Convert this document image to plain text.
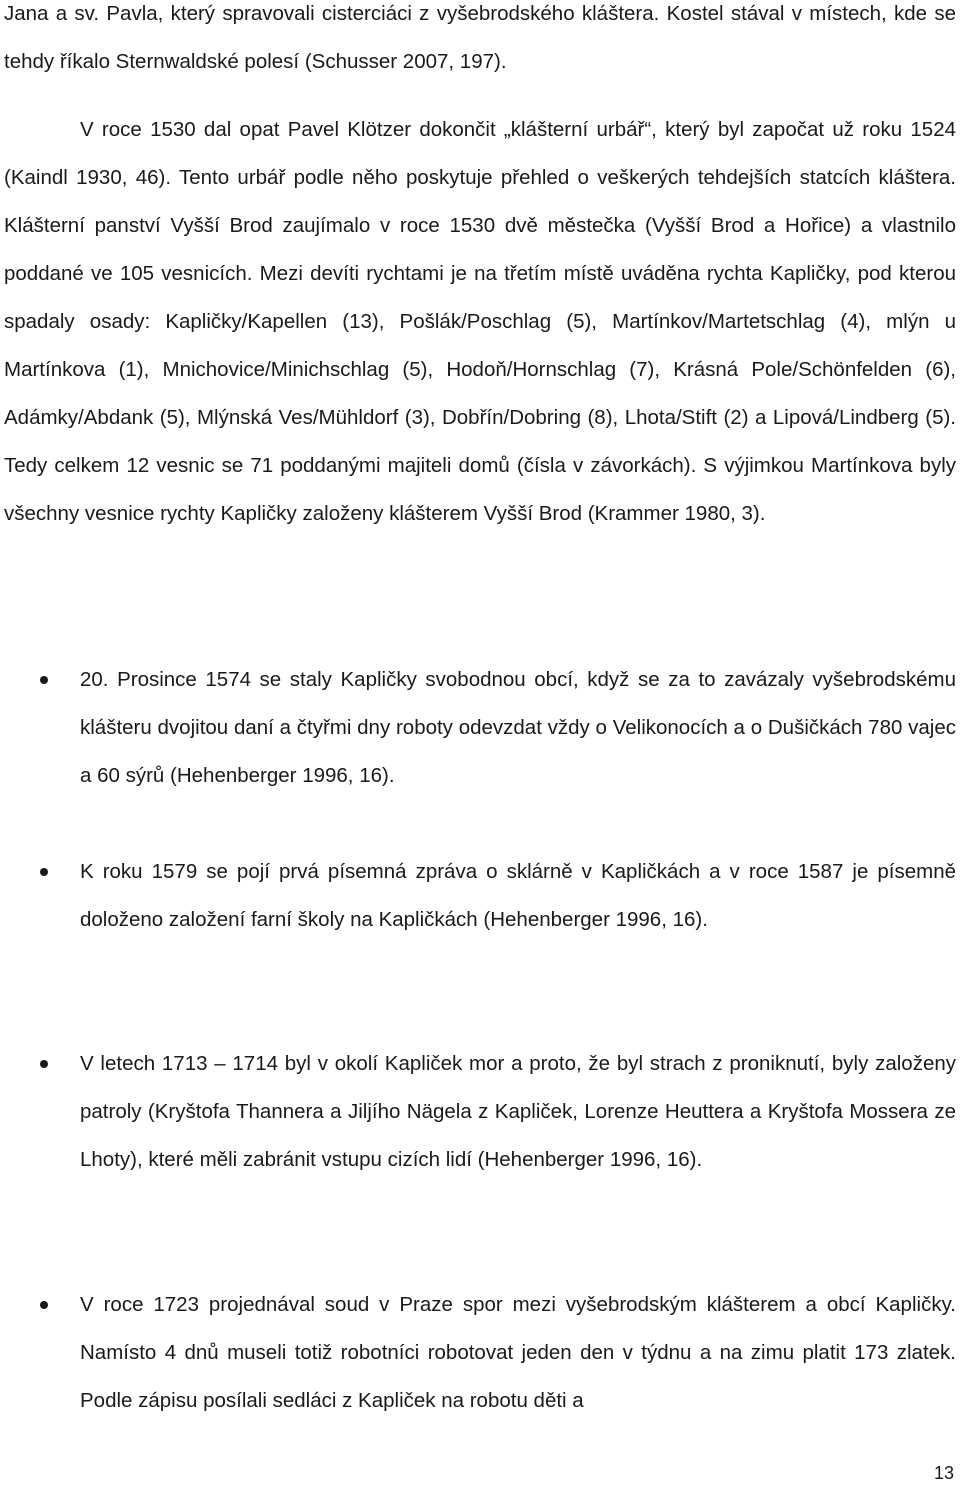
Jana a sv. Pavla, který spravovali cisterciáci z vyšebrodského kláštera. Kostel stával v místech, kde se tehdy říkalo Sternwaldské polesí (Schusser 2007, 197).

V roce 1530 dal opat Pavel Klötzer dokončit „klášterní urbář“, který byl započat už roku 1524 (Kaindl 1930, 46). Tento urbář podle něho poskytuje přehled o veškerých tehdejších statcích kláštera. Klášterní panství Vyšší Brod zaujímalo v roce 1530 dvě městečka (Vyšší Brod a Hořice) a vlastnilo poddané ve 105 vesnicích. Mezi devíti rychtami je na třetím místě uváděna rychta Kapličky, pod kterou spadaly osady: Kapličky/Kapellen (13), Pošlák/Poschlag (5), Martínkov/Martetschlag (4), mlýn u Martínkova (1), Mnichovice/Minichschlag (5), Hodoň/Hornschlag (7), Krásná Pole/Schönfelden (6), Adámky/Abdank (5), Mlýnská Ves/Mühldorf (3), Dobřín/Dobring (8), Lhota/Stift (2) a Lipová/Lindberg (5). Tedy celkem 12 vesnic se 71 poddanými majiteli domů (čísla v závorkách). S výjimkou Martínkova byly všechny vesnice rychty Kapličky založeny klášterem Vyšší Brod (Krammer 1980, 3).

20. Prosince 1574 se staly Kapličky svobodnou obcí, když se za to zavázaly vyšebrodskému klášteru dvojitou daní a čtyřmi dny roboty odevzdat vždy o Velikonocích a o Dušičkách 780 vajec a 60 sýrů (Hehenberger 1996, 16).

K roku 1579 se pojí prvá písemná zpráva o sklárně v Kapličkách a v roce 1587 je písemně doloženo založení farní školy na Kapličkách (Hehenberger 1996, 16).

V letech 1713 – 1714 byl v okolí Kapliček mor a proto, že byl strach z proniknutí, byly založeny patroly (Kryštofa Thannera a Jiljího Nägela z Kapliček, Lorenze Heuttera a Kryštofa Mossera ze Lhoty), které měli zabránit vstupu cizích lidí (Hehenberger 1996, 16).

V roce 1723 projednával soud v Praze spor mezi vyšebrodským klášterem a obcí Kapličky. Namísto 4 dnů museli totiž robotníci robotovat jeden den v týdnu a na zimu platit 173 zlatek. Podle zápisu posílali sedláci z Kapliček na robotu děti a

13
